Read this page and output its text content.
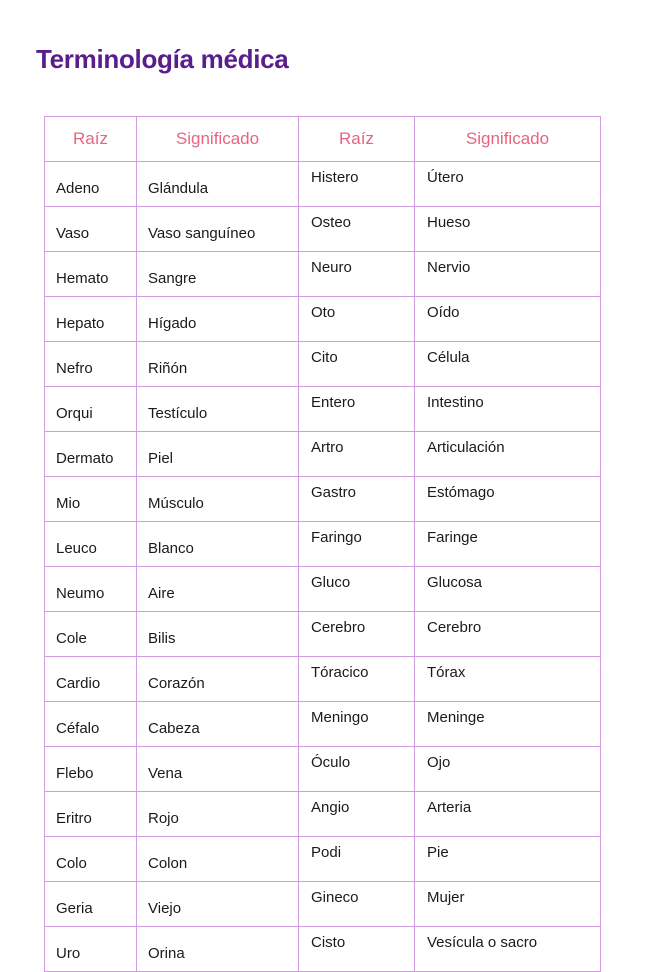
Terminología médica
Raíz	Significado	Raíz	Significado
Adeno	Glándula	Histero	Útero
Vaso	Vaso sanguíneo	Osteo	Hueso
Hemato	Sangre	Neuro	Nervio
Hepato	Hígado	Oto	Oído
Nefro	Riñón	Cito	Célula
Orqui	Testículo	Entero	Intestino
Dermato	Piel	Artro	Articulación
Mio	Músculo	Gastro	Estómago
Leuco	Blanco	Faringo	Faringe
Neumo	Aire	Gluco	Glucosa
Cole	Bilis	Cerebro	Cerebro
Cardio	Corazón	Tóracico	Tórax
Céfalo	Cabeza	Meningo	Meninge
Flebo	Vena	Óculo	Ojo
Eritro	Rojo	Angio	Arteria
Colo	Colon	Podi	Pie
Geria	Viejo	Gineco	Mujer
Uro	Orina	Cisto	Vesícula o sacro
